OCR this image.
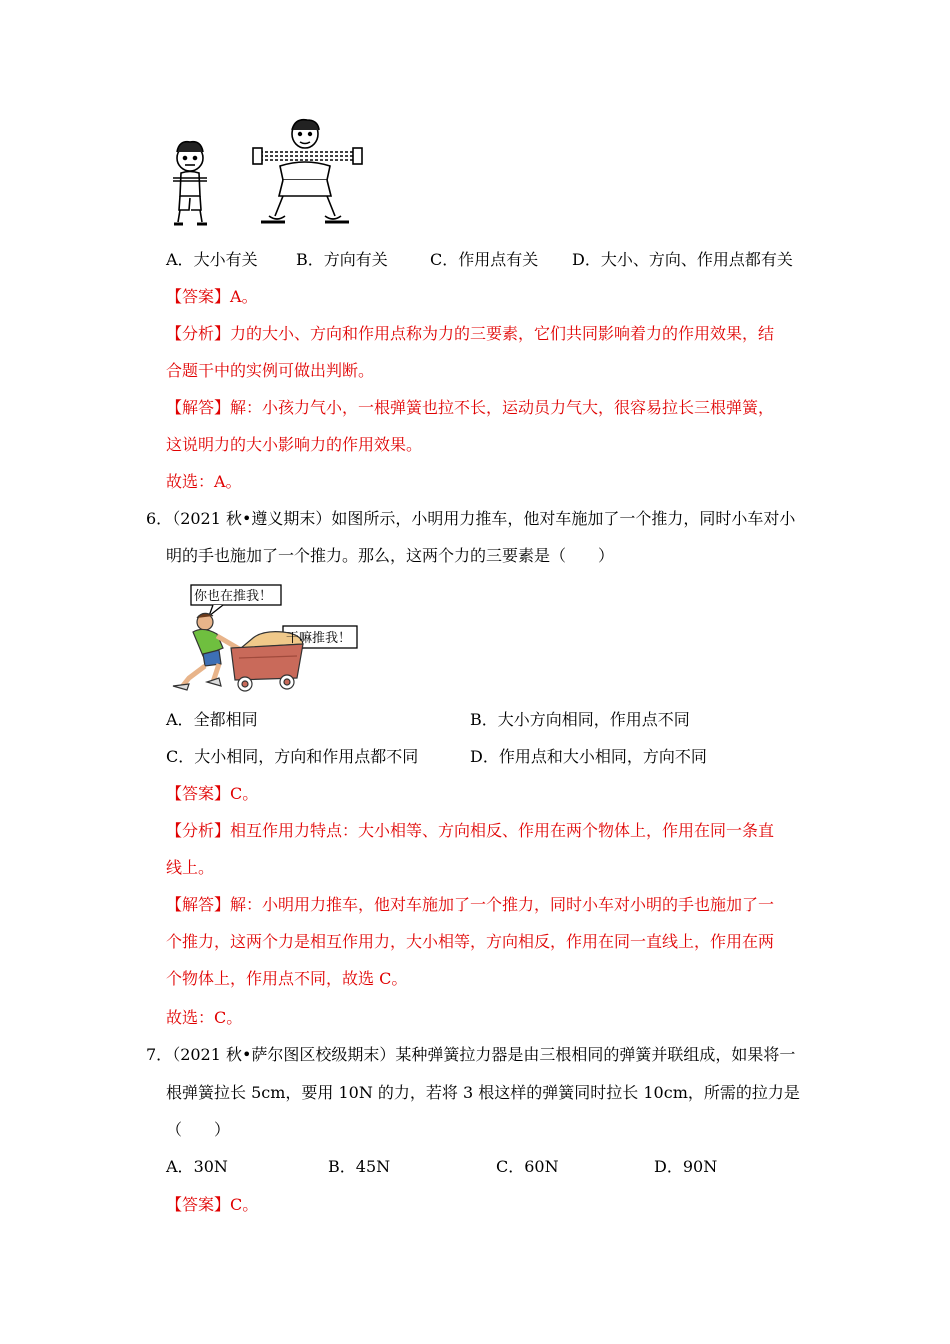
A．大小有关 B．方向有关	C．作用点有关 D．大小、方向、作用点都有关
【答案】A。
【分析】力的大小、方向和作用点称为力的三要素，它们共同影响着力的作用效果，结
合题干中的实例可做出判断。
【解答】解：小孩力气小，一根弹簧也拉不长，运动员力气大，很容易拉长三根弹簧，
这说明力的大小影响力的作用效果。
故选：A。
6．（2021 秋•遵义期末）如图所示，小明用力推车，他对车施加了一个推力，同时小车对小
明的手也施加了一个推力。那么，这两个力的三要素是（　　）
你也在推我！
干嘛推我！
A．全都相同	B．大小方向相同，作用点不同
C．大小相同，方向和作用点都不同	D．作用点和大小相同，方向不同
【答案】C。
【分析】相互作用力特点：大小相等、方向相反、作用在两个物体上，作用在同一条直
线上。
【解答】解：小明用力推车，他对车施加了一个推力，同时小车对小明的手也施加了一
个推力，这两个力是相互作用力，大小相等，方向相反，作用在同一直线上，作用在两
个物体上，作用点不同，故选 C。
故选：C。
7．（2021 秋•萨尔图区校级期末）某种弹簧拉力器是由三根相同的弹簧并联组成，如果将一
根弹簧拉长 5cm，要用 10N 的力，若将 3 根这样的弹簧同时拉长 10cm，所需的拉力是
（　　）
A．30N	B．45N	C．60N	D．90N
【答案】C。
